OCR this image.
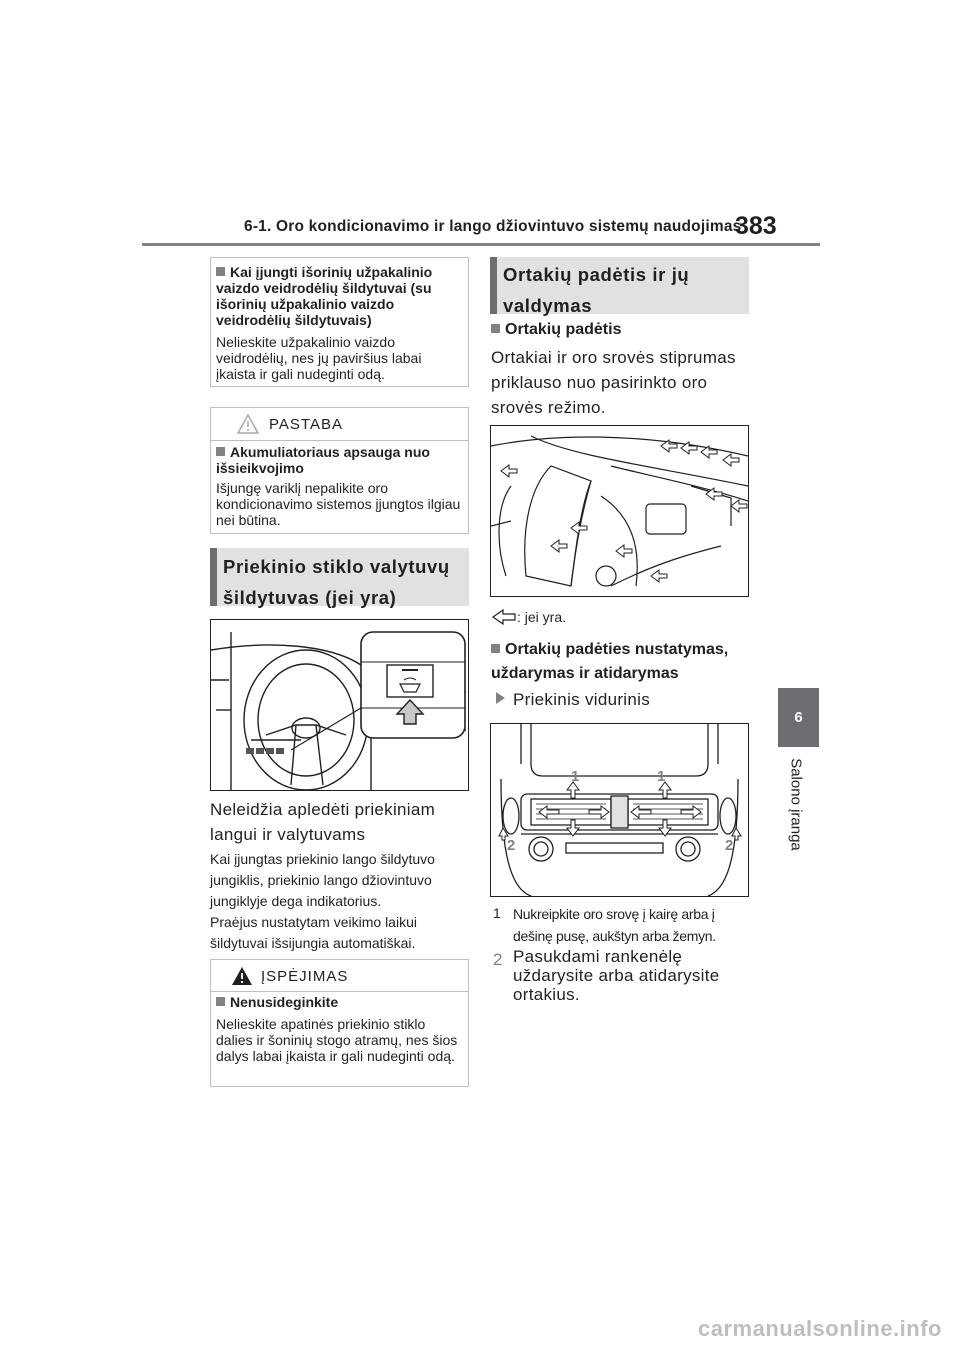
6-1. Oro kondicionavimo ir lango džiovintuvo sistemų naudojimas
383
6
Salono įranga
Kai įjungti išorinių užpakalinio vaizdo veidrodėlių šildytuvai (su išorinių užpakalinio vaizdo veidrodėlių šildytuvais)
Nelieskite užpakalinio vaizdo veidrodėlių, nes jų paviršius labai įkaista ir gali nudeginti odą.
PASTABA
Akumuliatoriaus apsauga nuo išsieikvojimo
Išjungę variklį nepalikite oro kondicionavimo sistemos įjungtos ilgiau nei būtina.
Priekinio stiklo valytuvų šildytuvas (jei yra)
Neleidžia apledėti priekiniam langui ir valytuvams
Kai įjungtas priekinio lango šildytuvo jungiklis, priekinio lango džiovintuvo jungiklyje dega indikatorius.
Praėjus nustatytam veikimo laikui šildytuvai išsijungia automatiškai.
ĮSPĖJIMAS
Nenusideginkite
Nelieskite apatinės priekinio stiklo dalies ir šoninių stogo atramų, nes šios dalys labai įkaista ir gali nudeginti odą.
Ortakių padėtis ir jų valdymas
Ortakių padėtis
Ortakiai ir oro srovės stiprumas priklauso nuo pasirinkto oro srovės režimo.
: jei yra.
Ortakių padėties nustatymas, uždarymas ir atidarymas
Priekinis vidurinis
1	1
2	2
1 Nukreipkite oro srovę į kairę arba į dešinę pusę, aukštyn arba žemyn.
2 Pasukdami rankenėlę uždarysite arba atidarysite ortakius.
carmanualsonline.info
